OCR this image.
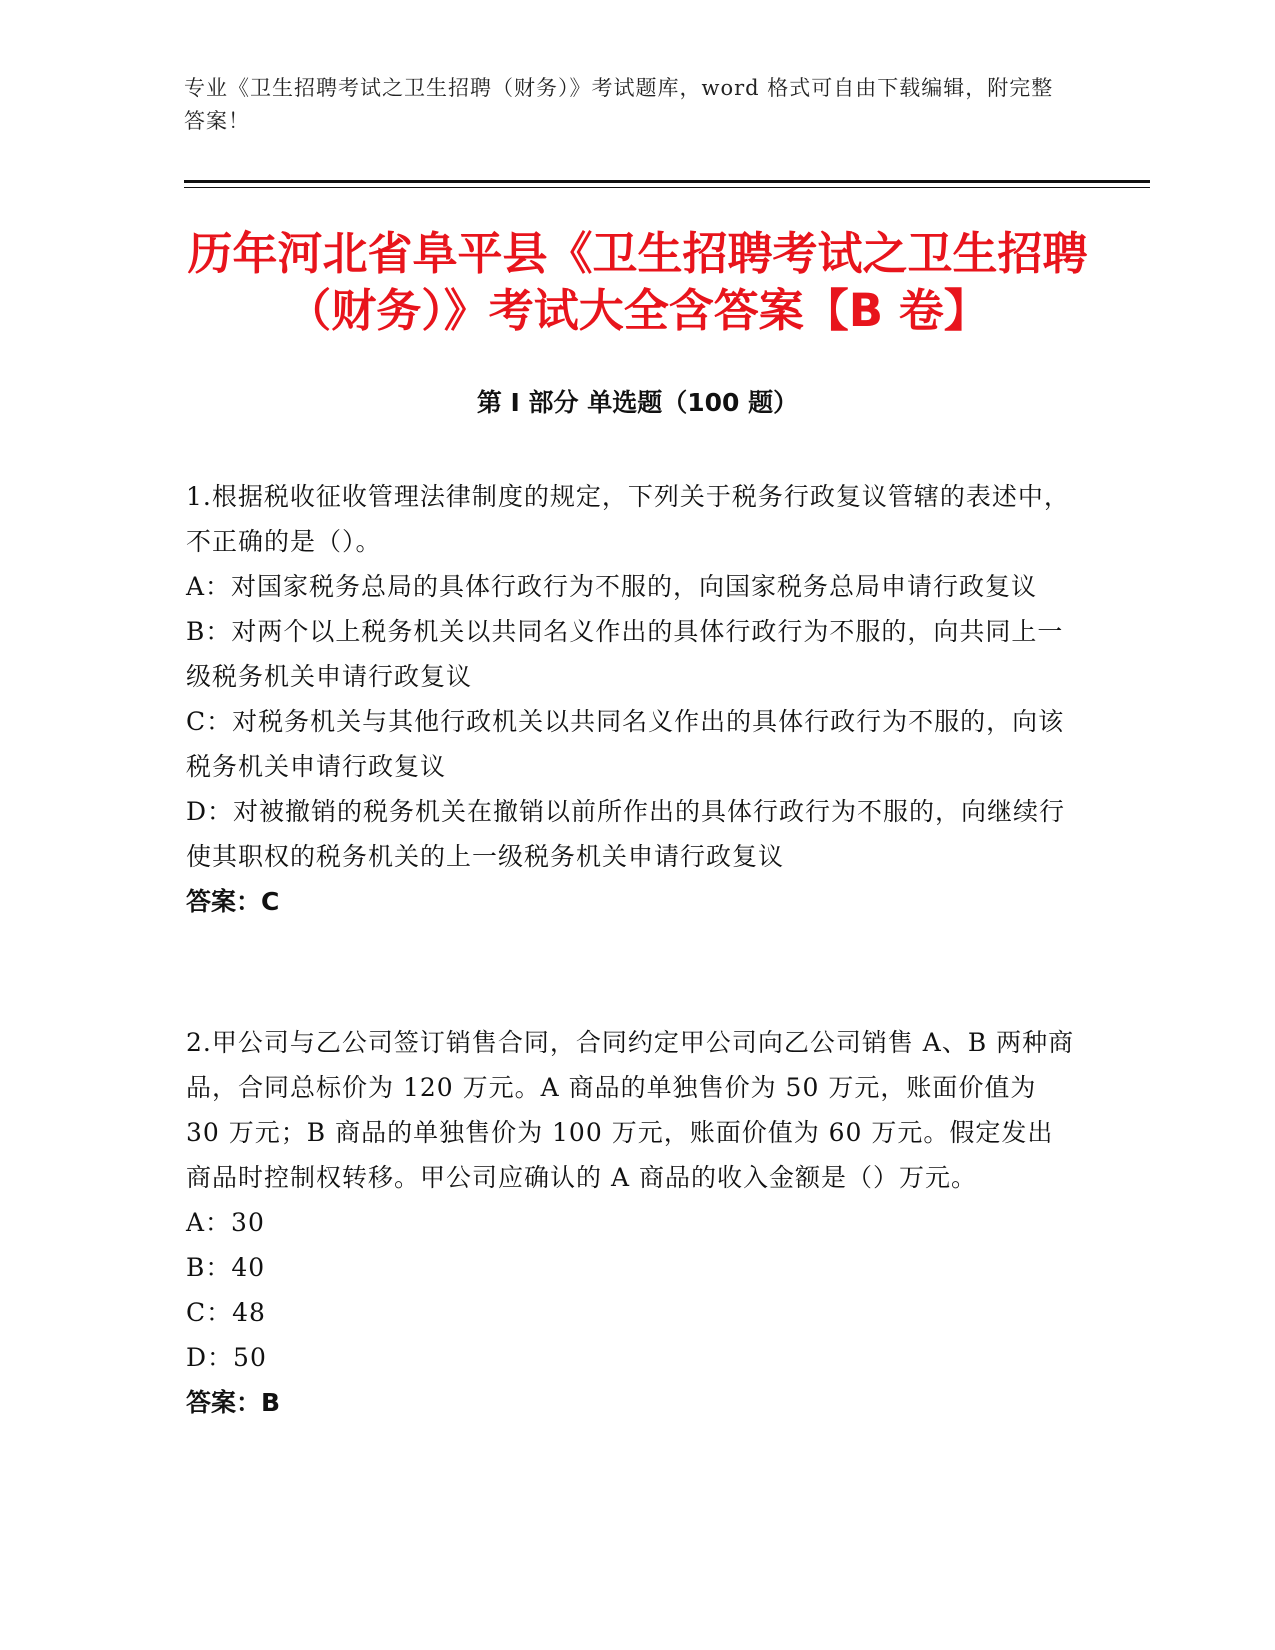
专业《卫生招聘考试之卫生招聘（财务）》考试题库，word 格式可自由下载编辑，附完整答案！
历年河北省阜平县《卫生招聘考试之卫生招聘（财务）》考试大全含答案【B 卷】
第 I 部分 单选题（100 题）
1.根据税收征收管理法律制度的规定，下列关于税务行政复议管辖的表述中，不正确的是（）。
A：对国家税务总局的具体行政行为不服的，向国家税务总局申请行政复议
B：对两个以上税务机关以共同名义作出的具体行政行为不服的，向共同上一级税务机关申请行政复议
C：对税务机关与其他行政机关以共同名义作出的具体行政行为不服的，向该税务机关申请行政复议
D：对被撤销的税务机关在撤销以前所作出的具体行政行为不服的，向继续行使其职权的税务机关的上一级税务机关申请行政复议
答案：C
2.甲公司与乙公司签订销售合同，合同约定甲公司向乙公司销售 A、B 两种商品，合同总标价为 120 万元。A 商品的单独售价为 50 万元，账面价值为 30 万元；B 商品的单独售价为 100 万元，账面价值为 60 万元。假定发出商品时控制权转移。甲公司应确认的 A 商品的收入金额是（）万元。
A：30
B：40
C：48
D：50
答案：B
